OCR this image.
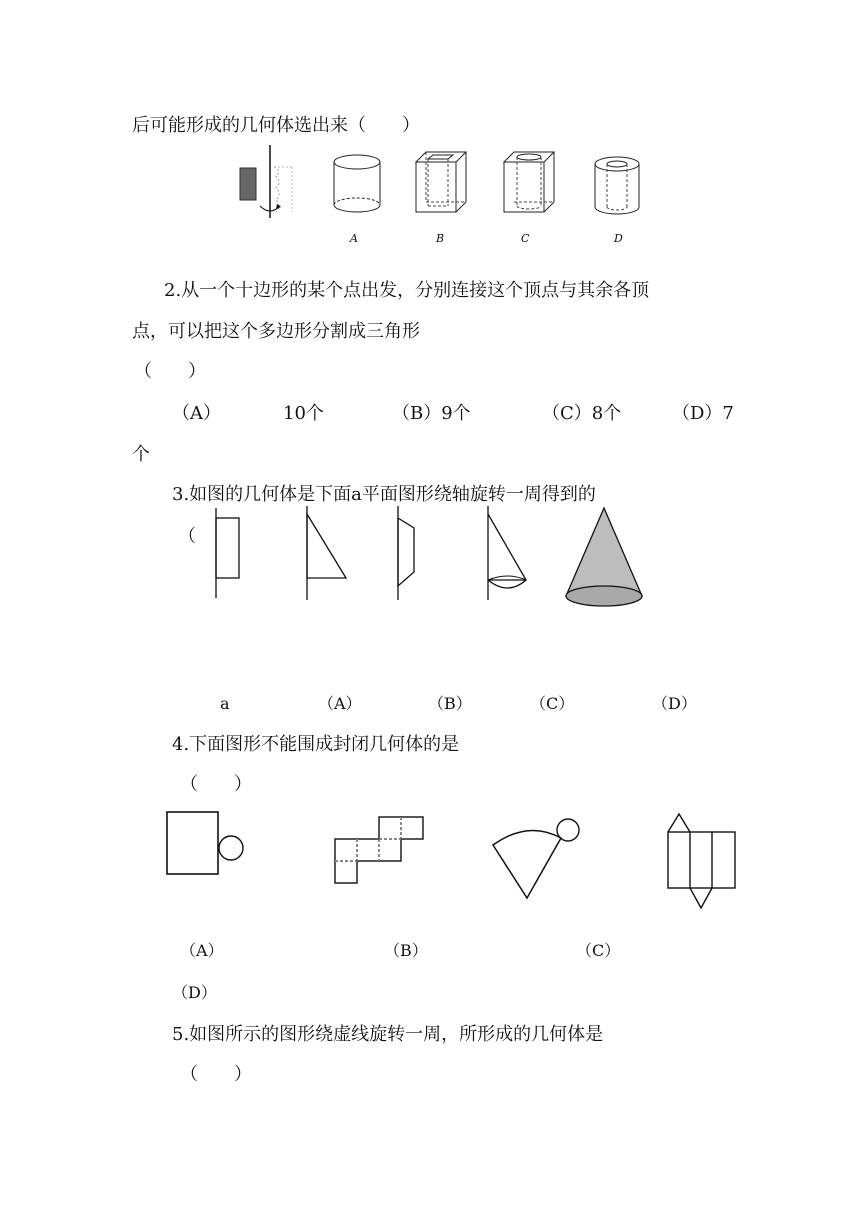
后可能形成的几何体选出来（　　）
A	B	C	D
2.从一个十边形的某个点出发，分别连接这个顶点与其余各顶
点，可以把这个多边形分割成三角形
（　　）
（A）	10个	（B）9个	（C）8个	（D）7
个
3.如图的几何体是下面a平面图形绕轴旋转一周得到的
（
a	（A）	（B）	（C）	（D）
4.下面图形不能围成封闭几何体的是
（　　）
（A）	（B）	（C）
（D）
5.如图所示的图形绕虚线旋转一周，所形成的几何体是
（　　）
